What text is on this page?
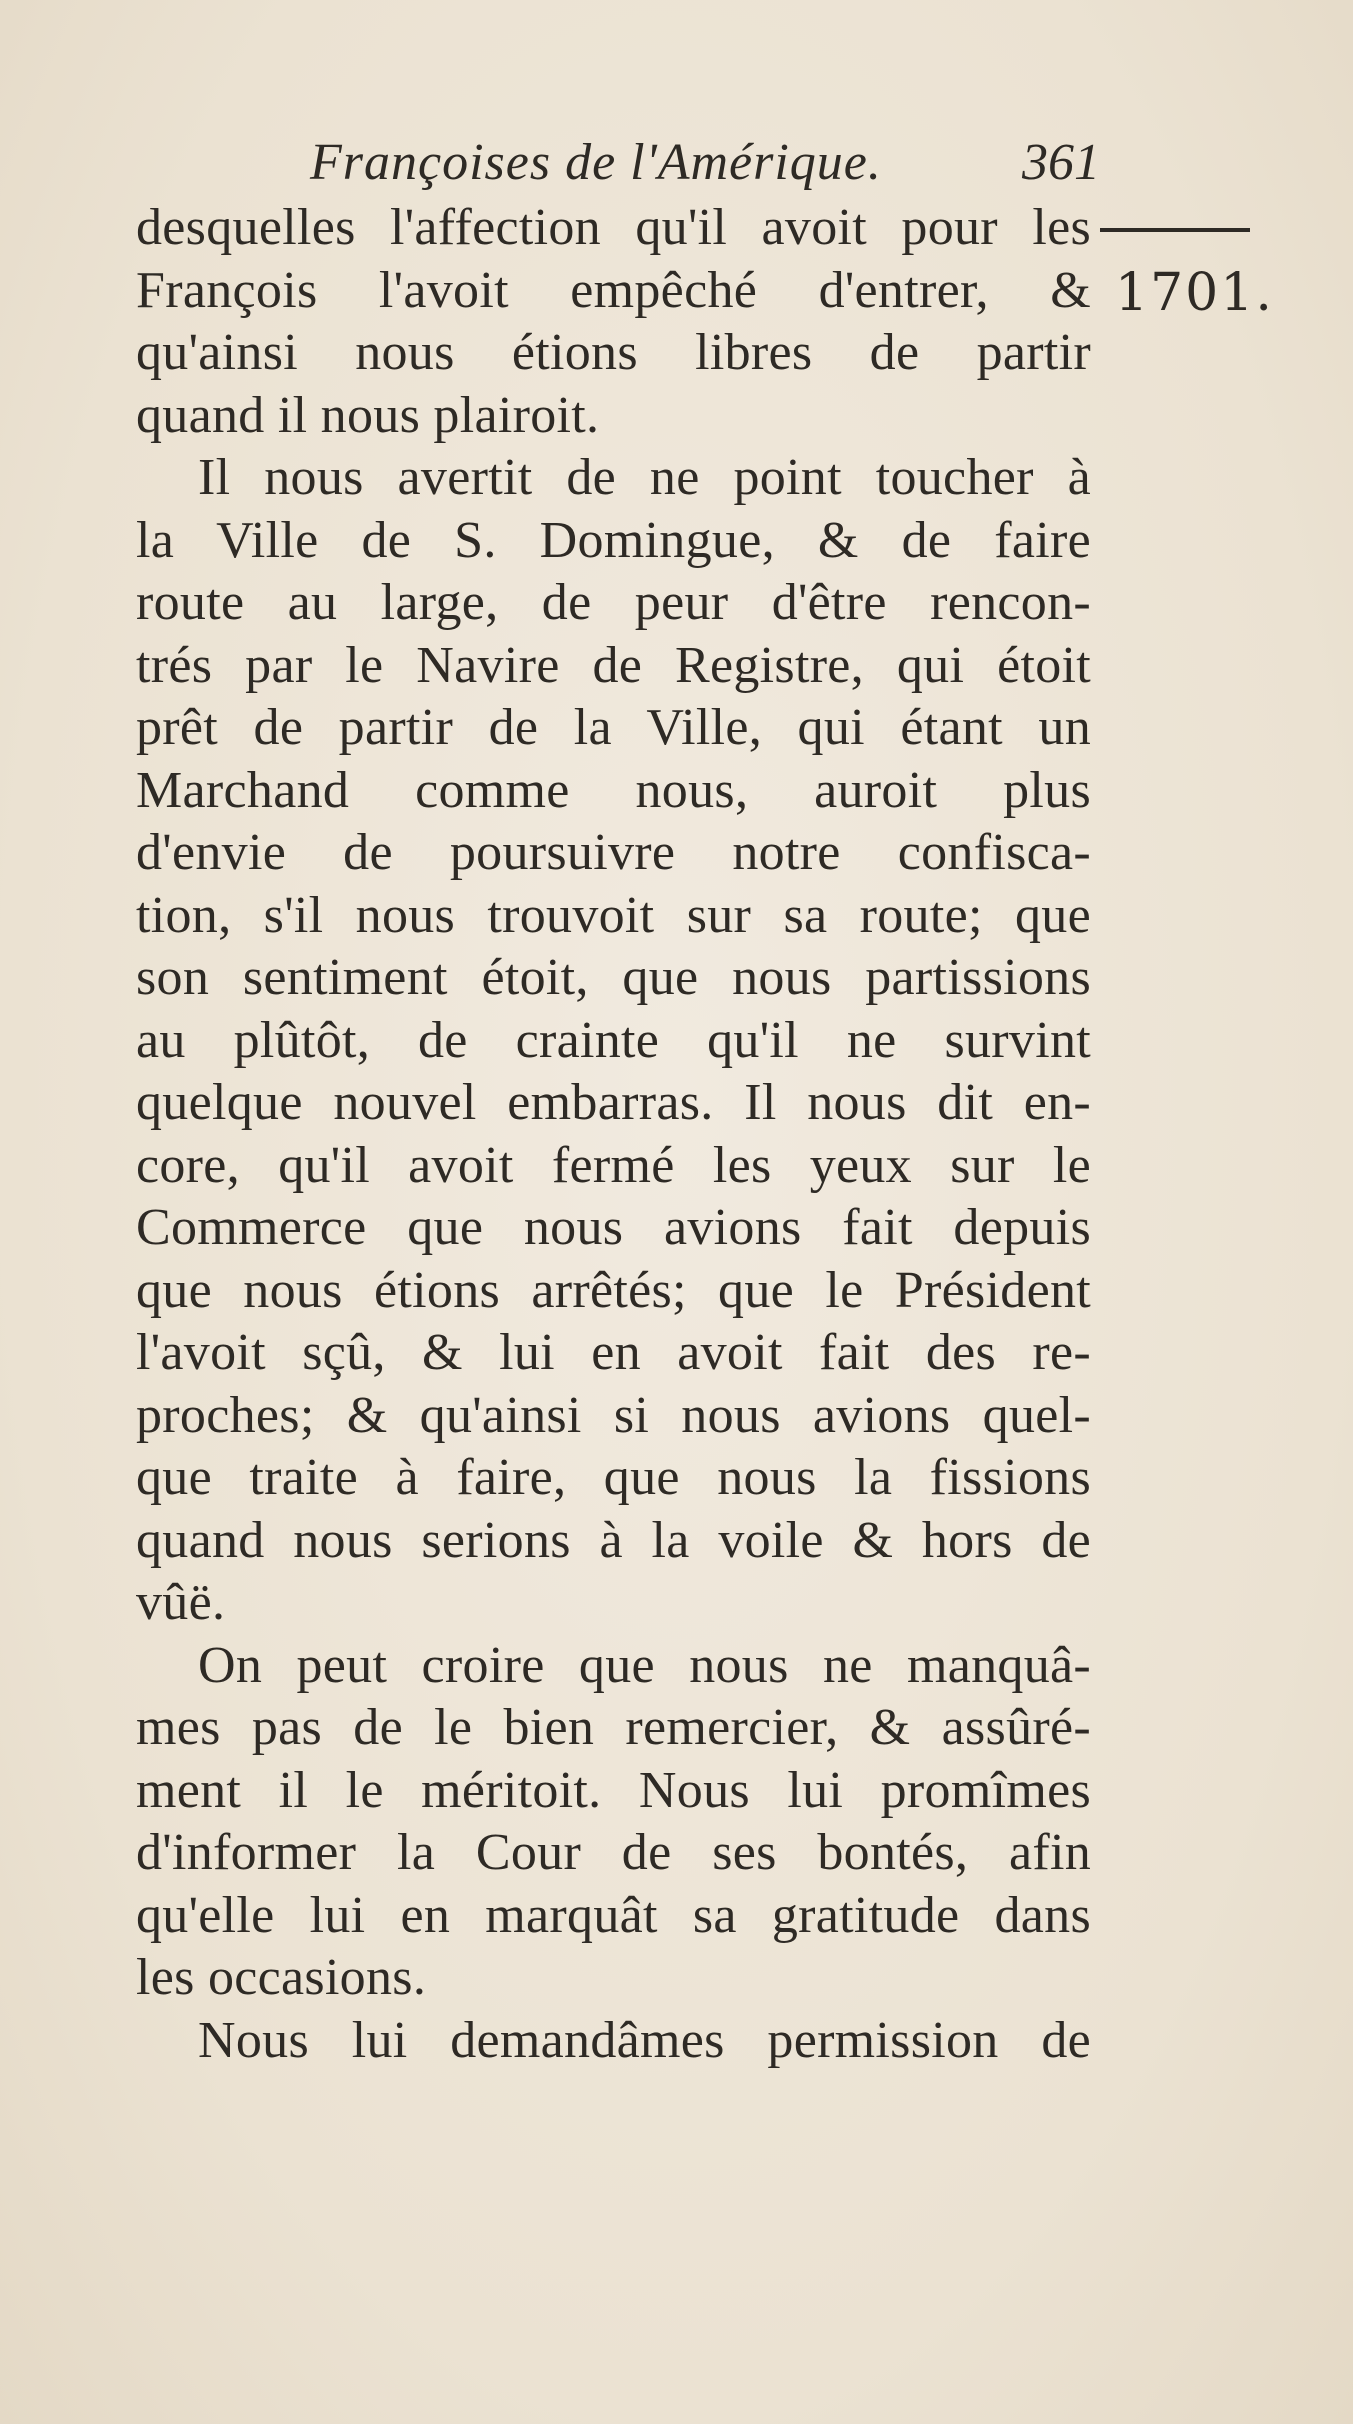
Françoises de l'Amérique.	361
1701.
desquelles l'affection qu'il avoit pour les
François l'avoit empêché d'entrer, &
qu'ainsi nous étions libres de partir
quand il nous plairoit.
Il nous avertit de ne point toucher à
la Ville de S. Domingue, & de faire
route au large, de peur d'être rencon-
trés par le Navire de Registre, qui étoit
prêt de partir de la Ville, qui étant un
Marchand comme nous, auroit plus
d'envie de poursuivre notre confisca-
tion, s'il nous trouvoit sur sa route; que
son sentiment étoit, que nous partissions
au plûtôt, de crainte qu'il ne survint
quelque nouvel embarras. Il nous dit en-
core, qu'il avoit fermé les yeux sur le
Commerce que nous avions fait depuis
que nous étions arrêtés; que le Président
l'avoit sçû, & lui en avoit fait des re-
proches; & qu'ainsi si nous avions quel-
que traite à faire, que nous la fissions
quand nous serions à la voile & hors de
vûë.
On peut croire que nous ne manquâ-
mes pas de le bien remercier, & assûré-
ment il le méritoit. Nous lui promîmes
d'informer la Cour de ses bontés, afin
qu'elle lui en marquât sa gratitude dans
les occasions.
Nous lui demandâmes permission de
